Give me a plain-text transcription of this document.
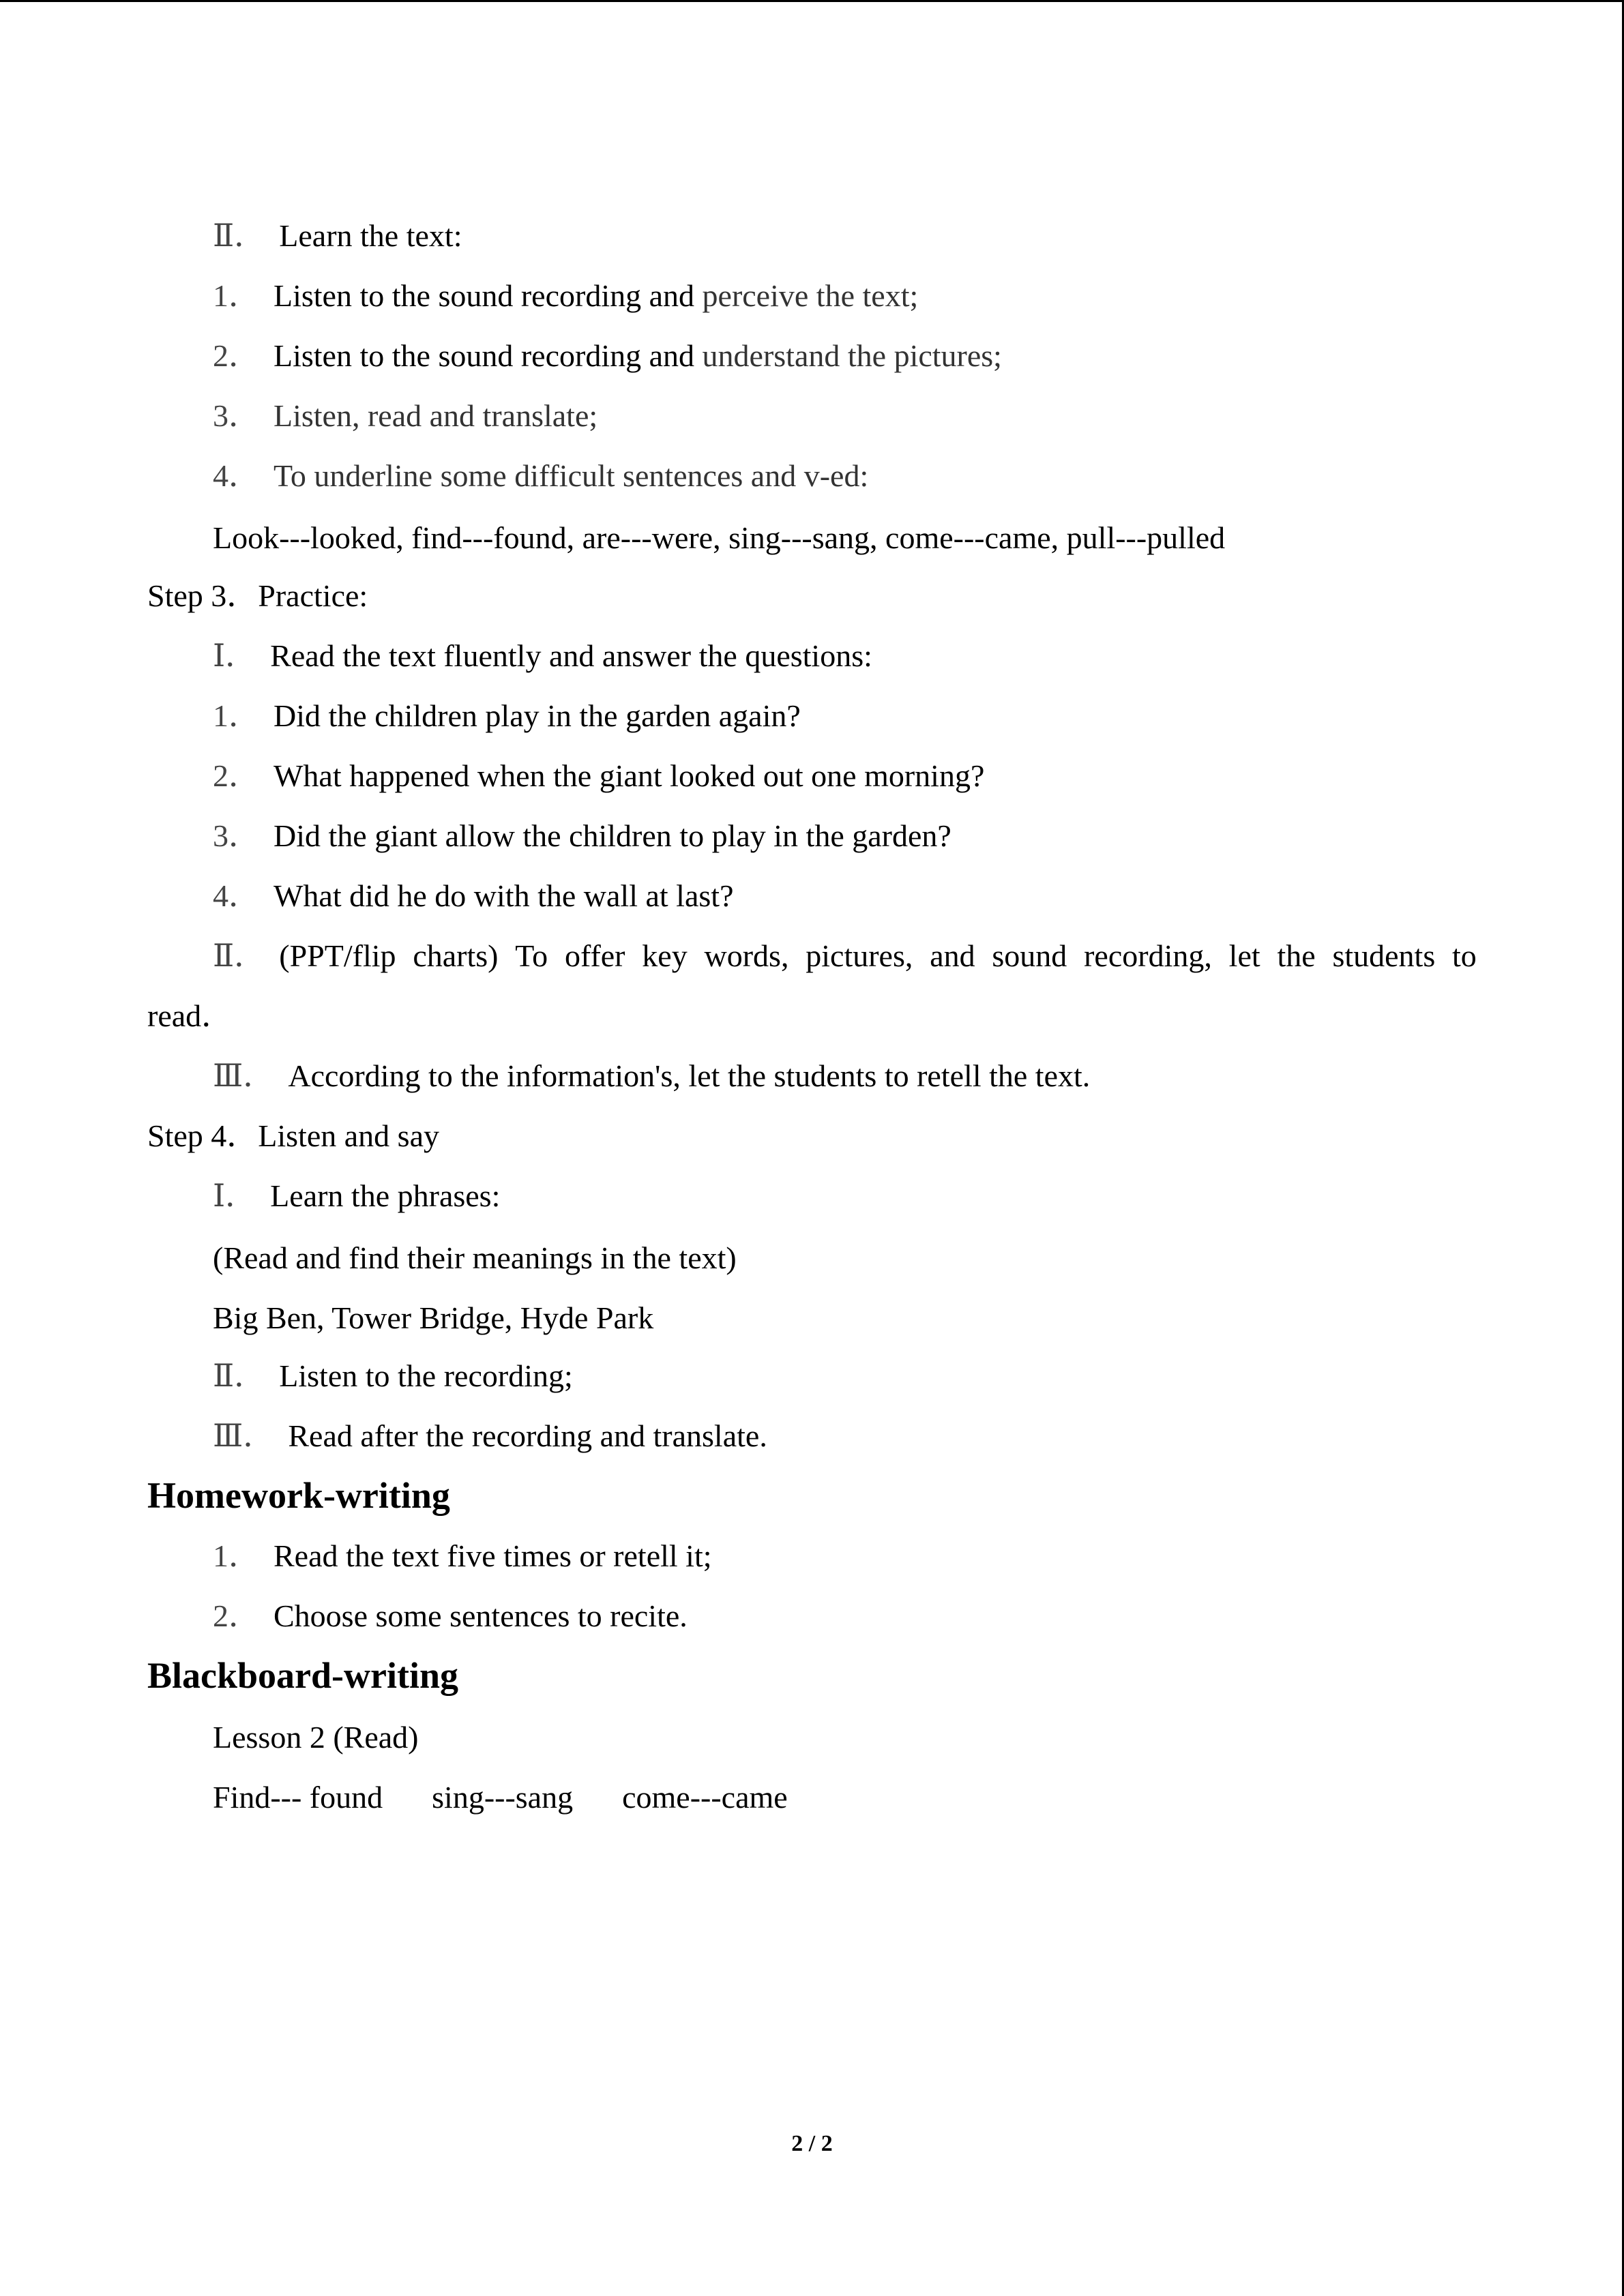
Ⅱ． Learn the text:
1． Listen to the sound recording and perceive the text;
2． Listen to the sound recording and understand the pictures;
3． Listen, read and translate;
4． To underline some difficult sentences and v-ed:
Look---looked, find---found, are---were, sing---sang, come---came, pull---pulled
Step 3．Practice:
Ⅰ． Read the text fluently and answer the questions:
1． Did the children play in the garden again?
2． What happened when the giant looked out one morning?
3． Did the giant allow the children to play in the garden?
4． What did he do with the wall at last?
Ⅱ． (PPT/flip charts) To offer key words, pictures, and sound recording, let the students to
read．
Ⅲ． According to the information's, let the students to retell the text.
Step 4．Listen and say
Ⅰ． Learn the phrases:
(Read and find their meanings in the text)
Big Ben, Tower Bridge, Hyde Park
Ⅱ． Listen to the recording;
Ⅲ． Read after the recording and translate.
Homework-writing
1． Read the text five times or retell it;
2． Choose some sentences to recite.
Blackboard-writing
Lesson 2 (Read)
Find--- found sing---sang come---came
2 / 2
